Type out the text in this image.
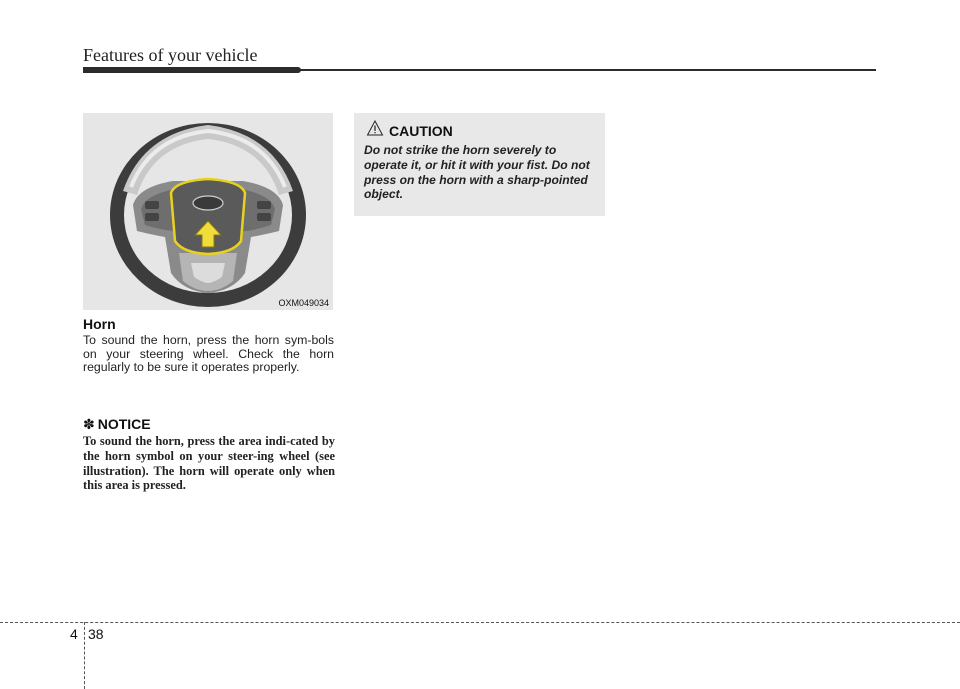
Features of your vehicle
OXM049034
Horn
To sound the horn, press the horn sym-bols on your steering wheel. Check the horn regularly to be sure it operates properly.
✽ NOTICE
To sound the horn, press the area indi-cated by the horn symbol on your steer-ing wheel (see illustration). The horn will operate only when this area is pressed.
CAUTION
Do not strike the horn severely to operate it, or hit it with your fist. Do not press on the horn with a sharp-pointed object.
4 38
